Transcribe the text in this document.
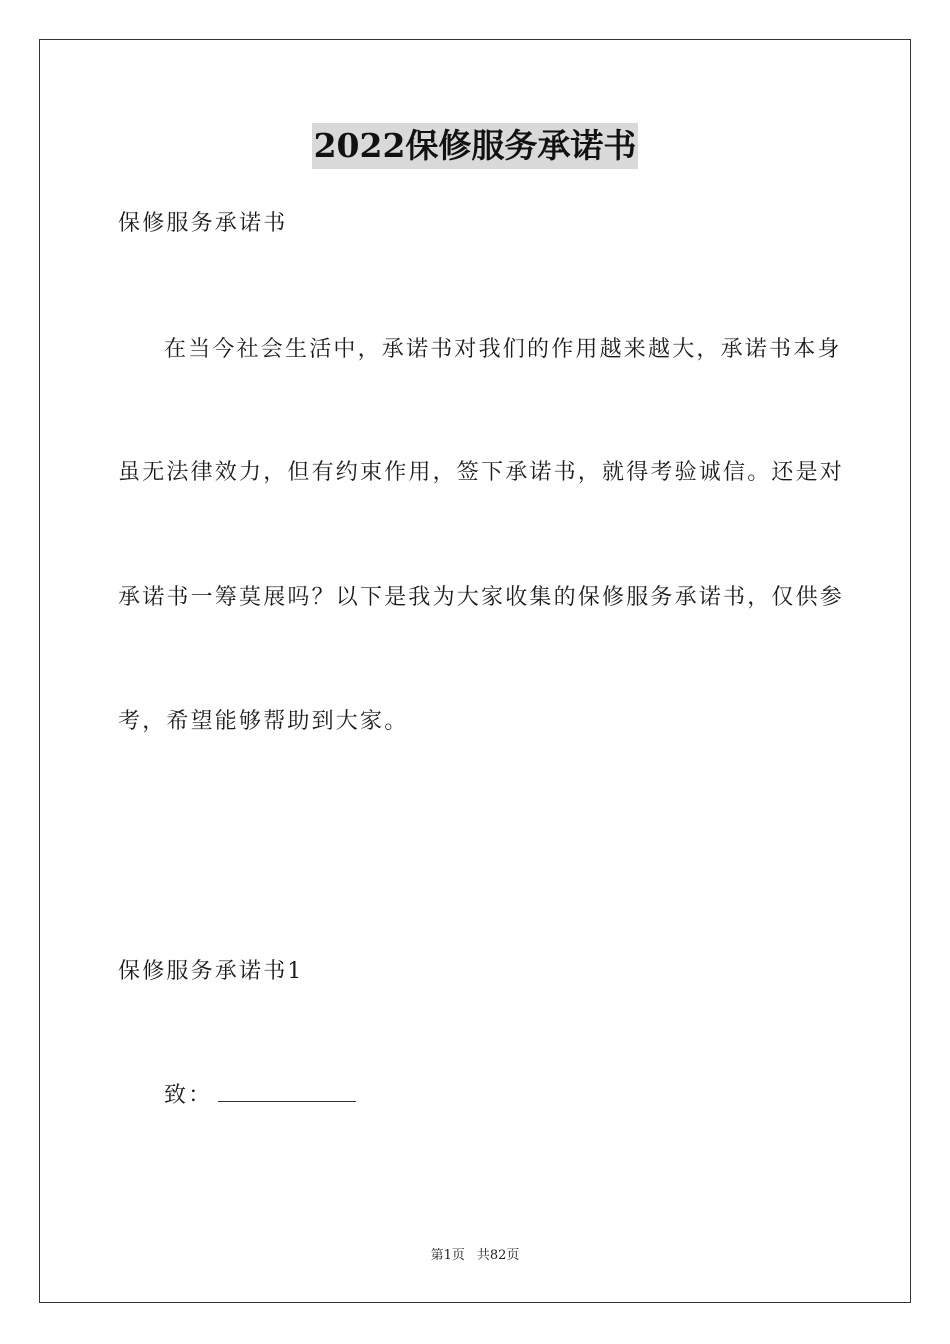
2022保修服务承诺书
保修服务承诺书
在当今社会生活中，承诺书对我们的作用越来越大，承诺书本身
虽无法律效力，但有约束作用，签下承诺书，就得考验诚信。还是对
承诺书一筹莫展吗？以下是我为大家收集的保修服务承诺书，仅供参
考，希望能够帮助到大家。
保修服务承诺书1
致：
第1页 共82页
